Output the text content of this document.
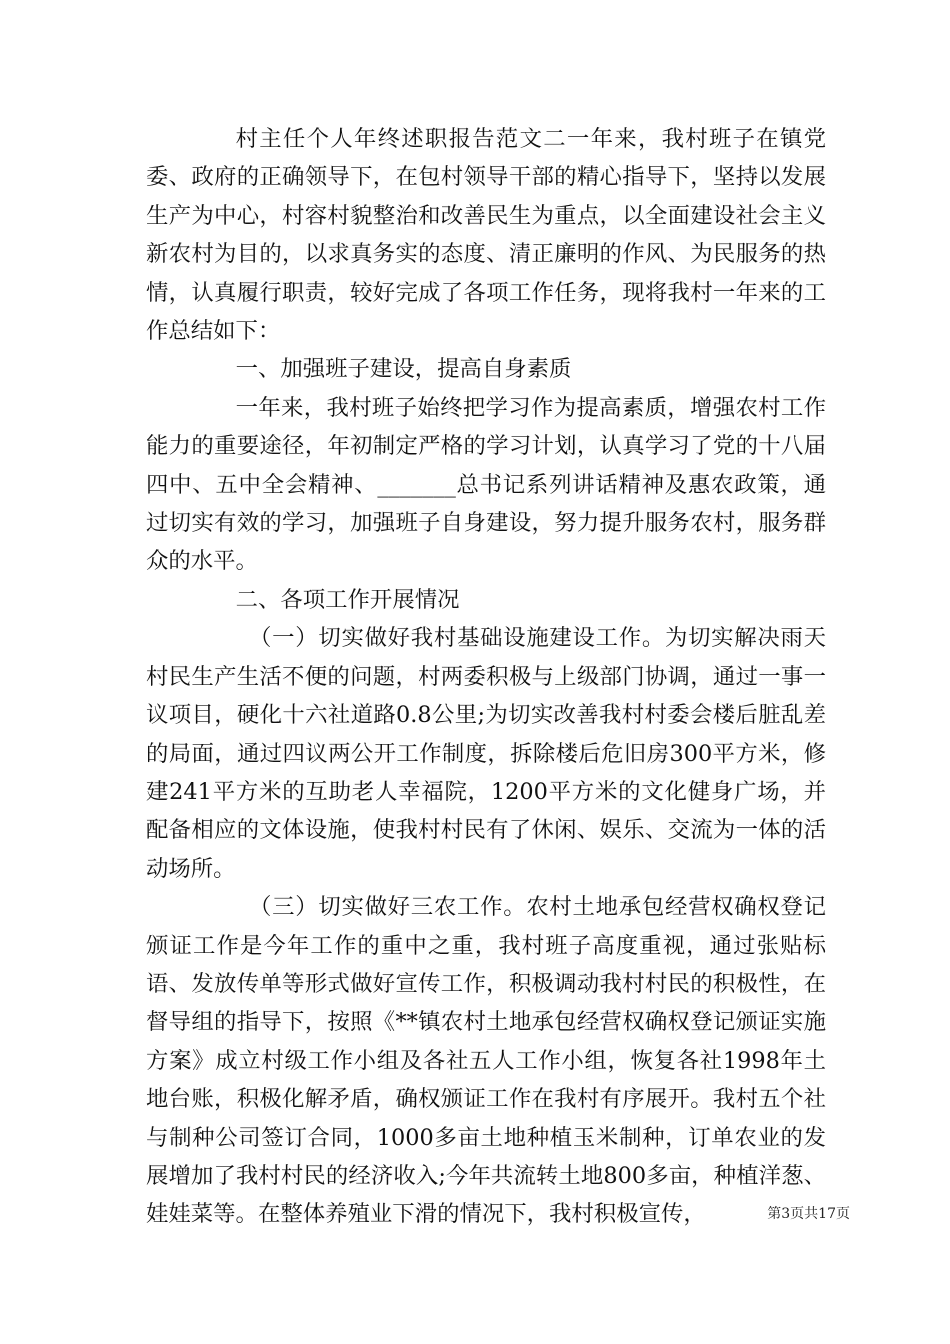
村主任个人年终述职报告范文二一年来，我村班子在镇党委、政府的正确领导下，在包村领导干部的精心指导下，坚持以发展生产为中心，村容村貌整治和改善民生为重点，以全面建设社会主义新农村为目的，以求真务实的态度、清正廉明的作风、为民服务的热情，认真履行职责，较好完成了各项工作任务，现将我村一年来的工作总结如下：

一、加强班子建设，提高自身素质

一年来，我村班子始终把学习作为提高素质，增强农村工作能力的重要途径，年初制定严格的学习计划，认真学习了党的十八届四中、五中全会精神、_______总书记系列讲话精神及惠农政策，通过切实有效的学习，加强班子自身建设，努力提升服务农村，服务群众的水平。

二、各项工作开展情况

（一）切实做好我村基础设施建设工作。为切实解决雨天村民生产生活不便的问题，村两委积极与上级部门协调，通过一事一议项目，硬化十六社道路0.8公里;为切实改善我村村委会楼后脏乱差的局面，通过四议两公开工作制度，拆除楼后危旧房300平方米，修建241平方米的互助老人幸福院，1200平方米的文化健身广场，并配备相应的文体设施，使我村村民有了休闲、娱乐、交流为一体的活动场所。

（三）切实做好三农工作。农村土地承包经营权确权登记颁证工作是今年工作的重中之重，我村班子高度重视，通过张贴标语、发放传单等形式做好宣传工作，积极调动我村村民的积极性，在督导组的指导下，按照《**镇农村土地承包经营权确权登记颁证实施方案》成立村级工作小组及各社五人工作小组，恢复各社1998年土地台账，积极化解矛盾，确权颁证工作在我村有序展开。我村五个社与制种公司签订合同，1000多亩土地种植玉米制种，订单农业的发展增加了我村村民的经济收入;今年共流转土地800多亩，种植洋葱、娃娃菜等。在整体养殖业下滑的情况下，我村积极宣传，	第3页共17页
